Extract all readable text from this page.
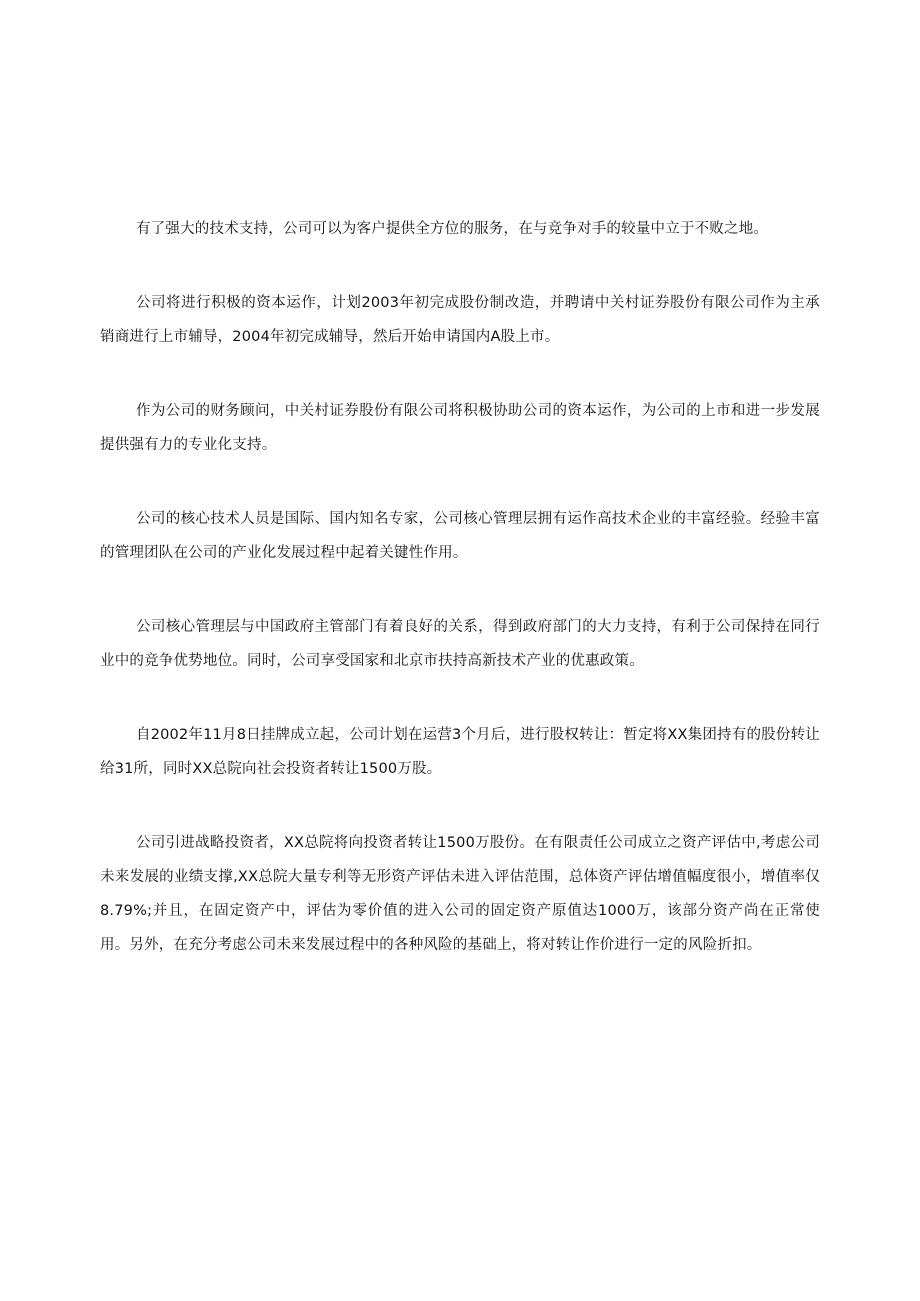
有了强大的技术支持，公司可以为客户提供全方位的服务，在与竞争对手的较量中立于不败之地。

公司将进行积极的资本运作，计划2003年初完成股份制改造，并聘请中关村证券股份有限公司作为主承销商进行上市辅导，2004年初完成辅导，然后开始申请国内A股上市。

作为公司的财务顾问，中关村证券股份有限公司将积极协助公司的资本运作，为公司的上市和进一步发展提供强有力的专业化支持。

公司的核心技术人员是国际、国内知名专家，公司核心管理层拥有运作高技术企业的丰富经验。经验丰富的管理团队在公司的产业化发展过程中起着关键性作用。

公司核心管理层与中国政府主管部门有着良好的关系，得到政府部门的大力支持，有利于公司保持在同行业中的竞争优势地位。同时，公司享受国家和北京市扶持高新技术产业的优惠政策。

自2002年11月8日挂牌成立起，公司计划在运营3个月后，进行股权转让：暂定将XX集团持有的股份转让给31所，同时XX总院向社会投资者转让1500万股。

公司引进战略投资者，XX总院将向投资者转让1500万股份。在有限责任公司成立之资产评估中,考虑公司未来发展的业绩支撑,XX总院大量专利等无形资产评估未进入评估范围，总体资产评估增值幅度很小，增值率仅8.79%;并且，在固定资产中，评估为零价值的进入公司的固定资产原值达1000万，该部分资产尚在正常使用。另外，在充分考虑公司未来发展过程中的各种风险的基础上，将对转让作价进行一定的风险折扣。
